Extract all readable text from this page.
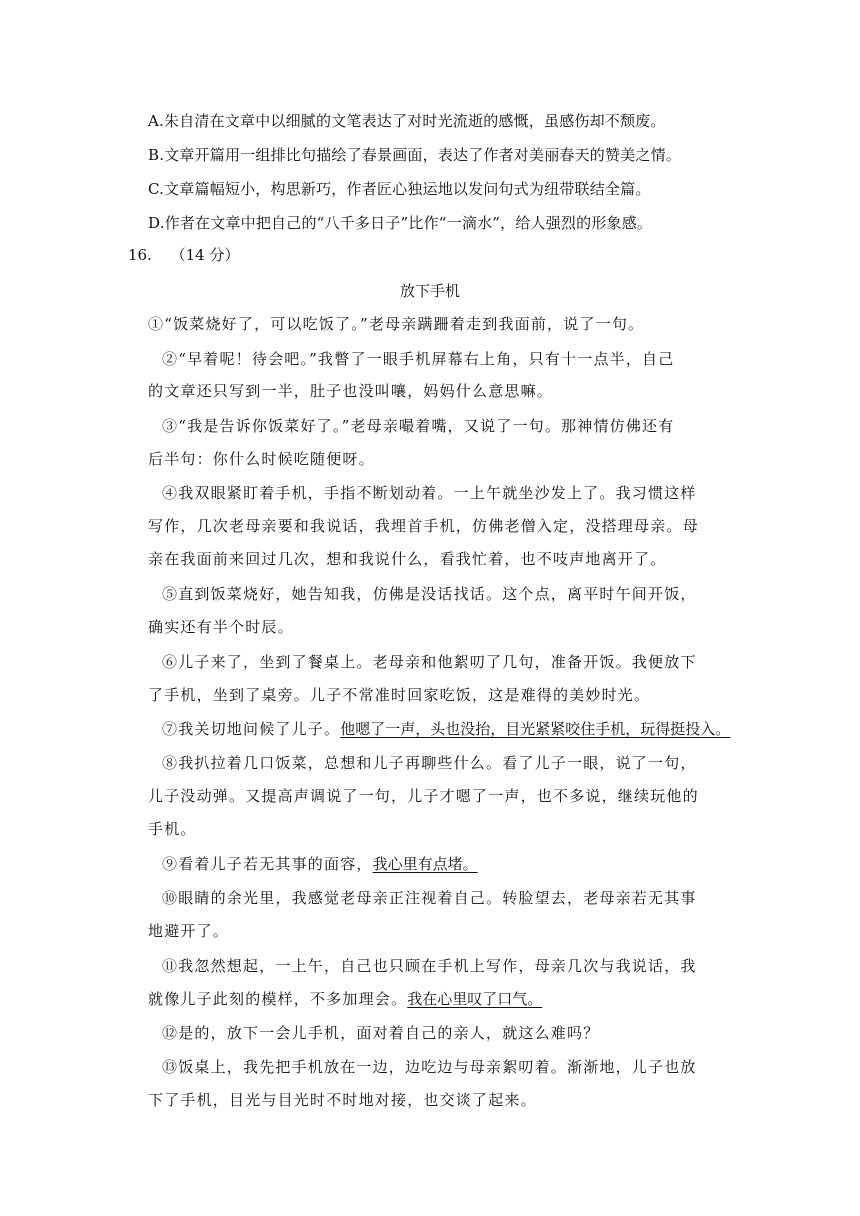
A.朱自清在文章中以细腻的文笔表达了对时光流逝的感慨，虽感伤却不颓废。
B.文章开篇用一组排比句描绘了春景画面，表达了作者对美丽春天的赞美之情。
C.文章篇幅短小，构思新巧，作者匠心独运地以发问句式为纽带联结全篇。
D.作者在文章中把自己的“八千多日子”比作“一滴水”，给人强烈的形象感。
16. （14 分）
放下手机
①“饭菜烧好了，可以吃饭了。”老母亲蹒跚着走到我面前，说了一句。
②“早着呢！待会吧。”我瞥了一眼手机屏幕右上角，只有十一点半，自己
的文章还只写到一半，肚子也没叫嚷，妈妈什么意思嘛。
③“我是告诉你饭菜好了。”老母亲嘬着嘴，又说了一句。那神情仿佛还有
后半句：你什么时候吃随便呀。
④我双眼紧盯着手机，手指不断划动着。一上午就坐沙发上了。我习惯这样
写作，几次老母亲要和我说话，我埋首手机，仿佛老僧入定，没搭理母亲。母
亲在我面前来回过几次，想和我说什么，看我忙着，也不吱声地离开了。
⑤直到饭菜烧好，她告知我，仿佛是没话找话。这个点，离平时午间开饭，
确实还有半个时辰。
⑥儿子来了，坐到了餐桌上。老母亲和他絮叨了几句，准备开饭。我便放下
了手机，坐到了桌旁。儿子不常准时回家吃饭，这是难得的美妙时光。
⑦我关切地问候了儿子。他嗯了一声，头也没抬，目光紧紧咬住手机，玩得挺投入。
⑧我扒拉着几口饭菜，总想和儿子再聊些什么。看了儿子一眼，说了一句，
儿子没动弹。又提高声调说了一句，儿子才嗯了一声，也不多说，继续玩他的
手机。
⑨看着儿子若无其事的面容，我心里有点堵。
⑩眼睛的余光里，我感觉老母亲正注视着自己。转脸望去，老母亲若无其事
地避开了。
⑪我忽然想起，一上午，自己也只顾在手机上写作，母亲几次与我说话，我
就像儿子此刻的模样，不多加理会。我在心里叹了口气。
⑫是的，放下一会儿手机，面对着自己的亲人，就这么难吗？
⑬饭桌上，我先把手机放在一边，边吃边与母亲絮叨着。渐渐地，儿子也放
下了手机，目光与目光时不时地对接，也交谈了起来。
